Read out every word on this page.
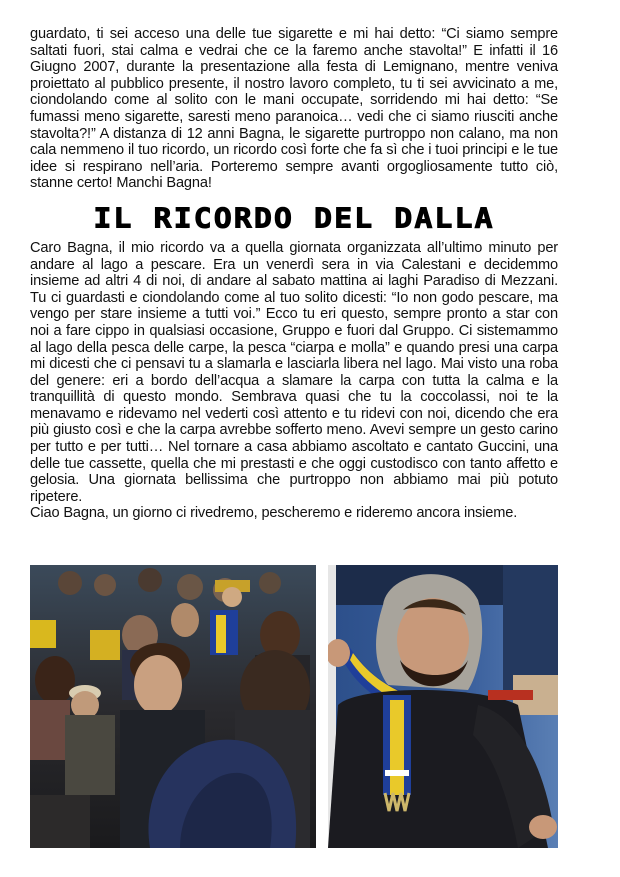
guardato, ti sei acceso una delle tue sigarette e mi hai detto: “Ci siamo sempre saltati fuori, stai calma e vedrai che ce la faremo anche stavolta!” E infatti il 16 Giugno 2007, durante la presentazione alla festa di Lemignano, mentre veniva proiettato al pubblico presente, il nostro lavoro completo, tu ti sei avvicinato a me, ciondolando come al solito con le mani occupate, sorridendo mi hai detto: “Se fumassi meno sigarette, saresti meno paranoica… vedi che ci siamo riusciti anche stavolta?!” A distanza di 12 anni Bagna, le sigarette purtroppo non calano, ma non cala nemmeno il tuo ricordo, un ricordo così forte che fa sì che i tuoi principi e le tue idee si respirano nell’aria. Porteremo sempre avanti orgogliosamente tutto ciò, stanne certo! Manchi Bagna!

IL RICORDO DEL DALLA

Caro Bagna, il mio ricordo va a quella giornata organizzata all’ultimo minuto per andare al lago a pescare. Era un venerdì sera in via Calestani e decidemmo insieme ad altri 4 di noi, di andare al sabato mattina ai laghi Paradiso di Mezzani. Tu ci guardasti e ciondolando come al tuo solito dicesti: “Io non godo pescare, ma vengo per stare insieme a tutti voi.” Ecco tu eri questo, sempre pronto a star con noi a fare cippo in qualsiasi occasione, Gruppo e fuori dal Gruppo. Ci sistemammo al lago della pesca delle carpe, la pesca “ciarpa e molla” e quando presi una carpa mi dicesti che ci pensavi tu a slamarla e lasciarla libera nel lago. Mai visto una roba del genere: eri a bordo dell’acqua a slamare la carpa con tutta la calma e la tranquillità di questo mondo. Sembrava quasi che tu la coccolassi, noi te la menavamo e ridevamo nel vederti così attento e tu ridevi con noi, dicendo che era più giusto così e che la carpa avrebbe sofferto meno. Avevi sempre un gesto carino per tutto e per tutti… Nel tornare a casa abbiamo ascoltato e cantato Guccini, una delle tue cassette, quella che mi prestasti e che oggi custodisco con tanto affetto e gelosia. Una giornata bellissima che purtroppo non abbiamo mai più potuto ripetere.

Ciao Bagna, un giorno ci rivedremo, pescheremo e rideremo ancora insieme.
